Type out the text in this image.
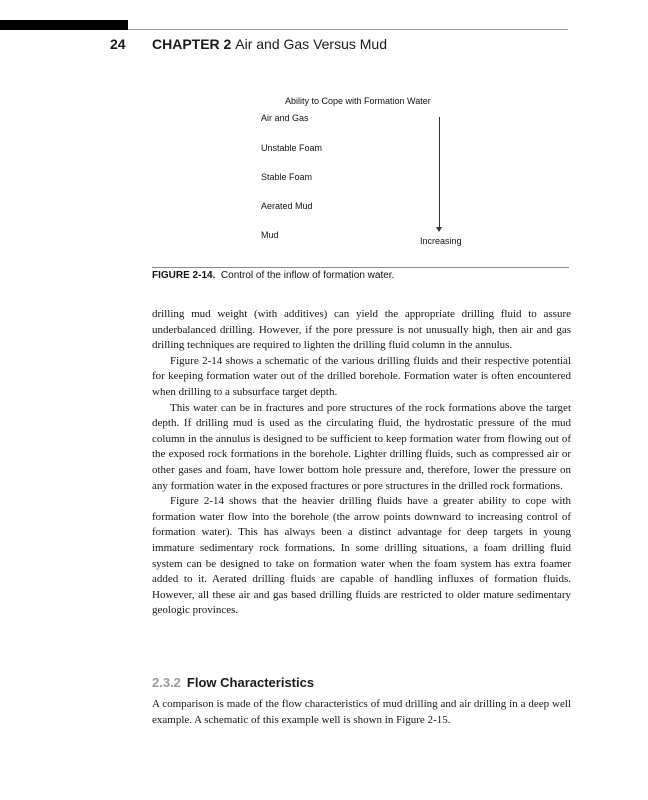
24 CHAPTER 2 Air and Gas Versus Mud
Ability to Cope with Formation Water
Air and Gas
Unstable Foam
Stable Foam
Aerated Mud
Mud
Increasing
FIGURE 2-14. Control of the inflow of formation water.

drilling mud weight (with additives) can yield the appropriate drilling fluid to assure underbalanced drilling. However, if the pore pressure is not unusually high, then air and gas drilling techniques are required to lighten the drilling fluid column in the annulus.

Figure 2-14 shows a schematic of the various drilling fluids and their respective potential for keeping formation water out of the drilled borehole. Formation water is often encountered when drilling to a subsurface target depth.

This water can be in fractures and pore structures of the rock formations above the target depth. If drilling mud is used as the circulating fluid, the hydrostatic pressure of the mud column in the annulus is designed to be sufficient to keep formation water from flowing out of the exposed rock formations in the borehole. Lighter drilling fluids, such as compressed air or other gases and foam, have lower bottom hole pressure and, therefore, lower the pressure on any formation water in the exposed fractures or pore structures in the drilled rock formations.

Figure 2-14 shows that the heavier drilling fluids have a greater ability to cope with formation water flow into the borehole (the arrow points downward to increasing control of formation water). This has always been a distinct advantage for deep targets in young immature sedimentary rock formations. In some drilling situations, a foam drilling fluid system can be designed to take on formation water when the foam system has extra foamer added to it. Aerated drilling fluids are capable of handling influxes of formation fluids. However, all these air and gas based drilling fluids are restricted to older mature sedimentary geologic provinces.

2.3.2 Flow Characteristics

A comparison is made of the flow characteristics of mud drilling and air drilling in a deep well example. A schematic of this example well is shown in Figure 2-15.
